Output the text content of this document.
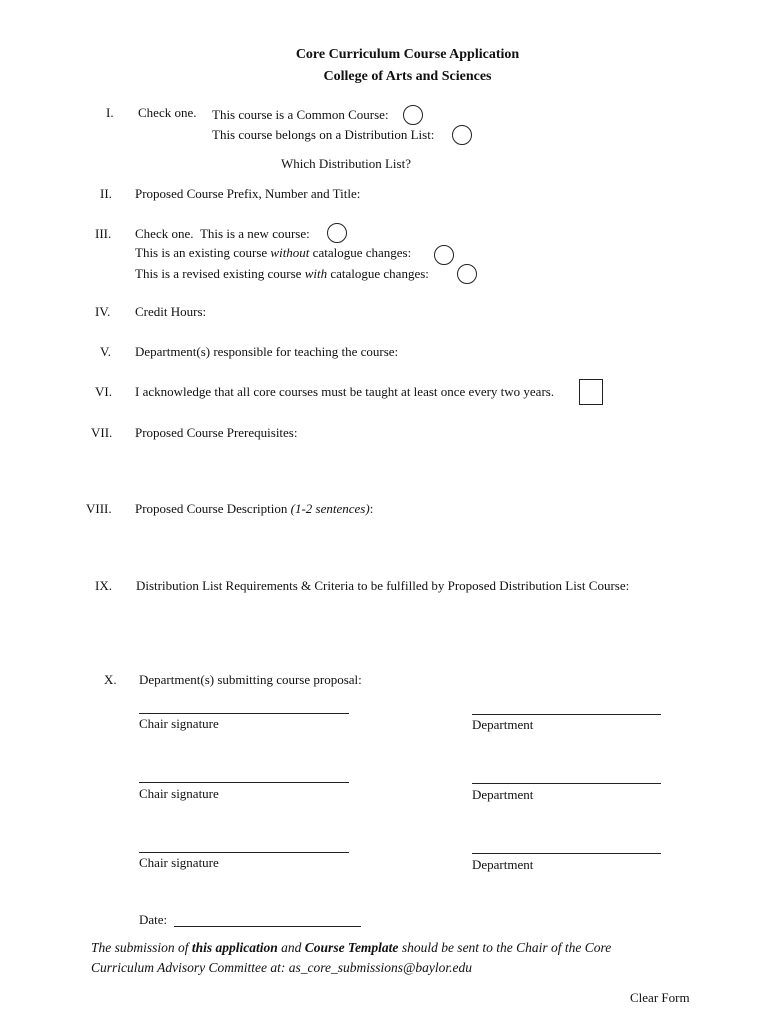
Core Curriculum Course Application
College of Arts and Sciences
I. Check one. This course is a Common Course:
This course belongs on a Distribution List:
Which Distribution List?
II. Proposed Course Prefix, Number and Title:
III. Check one. This is a new course:
This is an existing course without catalogue changes:
This is a revised existing course with catalogue changes:
IV. Credit Hours:
V. Department(s) responsible for teaching the course:
VI. I acknowledge that all core courses must be taught at least once every two years.
VII. Proposed Course Prerequisites:
VIII. Proposed Course Description (1-2 sentences):
IX. Distribution List Requirements & Criteria to be fulfilled by Proposed Distribution List Course:
X. Department(s) submitting course proposal:
Chair signature	Department
Chair signature	Department
Chair signature	Department
Date:
The submission of this application and Course Template should be sent to the Chair of the Core
Curriculum Advisory Committee at: as_core_submissions@baylor.edu
Clear Form
